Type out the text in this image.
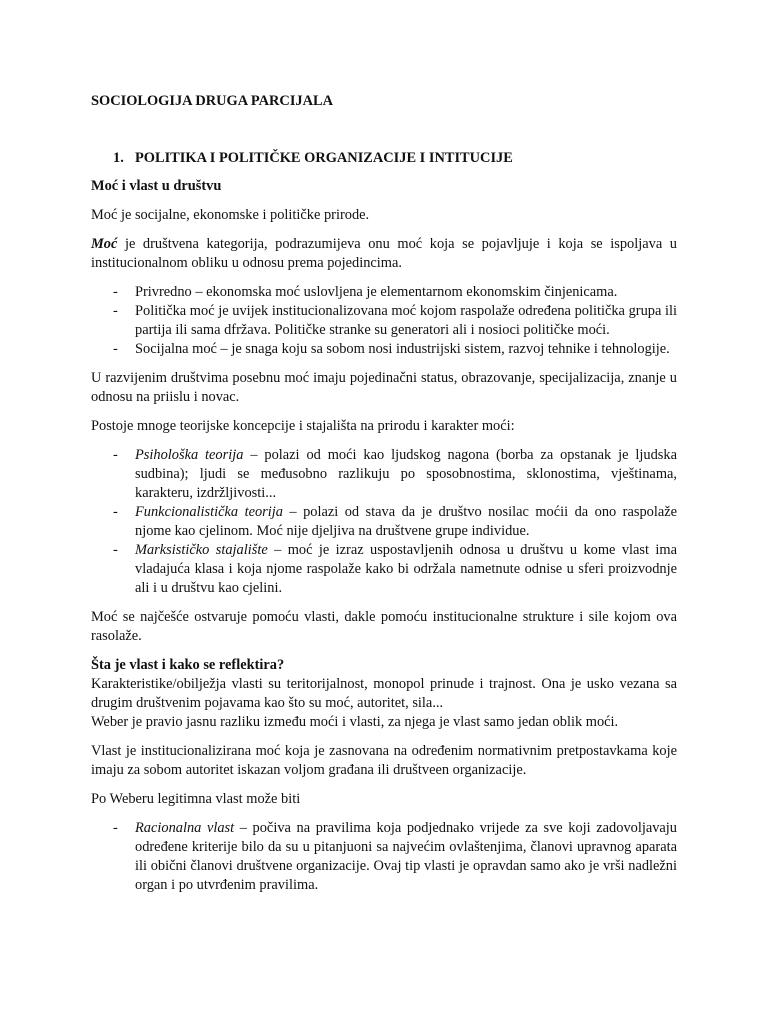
SOCIOLOGIJA DRUGA PARCIJALA

1. POLITIKA I POLITIČKE ORGANIZACIJE I INTITUCIJE

Moć i vlast u društvu

Moć je socijalne, ekonomske i političke prirode.

Moć je društvena kategorija, podrazumijeva onu moć koja se pojavljuje i koja se ispoljava u institucionalnom obliku u odnosu prema pojedincima.

- Privredno – ekonomska moć uslovljena je elementarnom ekonomskim činjenicama.
- Politička moć je uvijek institucionalizovana moć kojom raspolaže određena politička grupa ili partija ili sama dfržava. Političke stranke su generatori ali i nosioci političke moći.
- Socijalna moć – je snaga koju sa sobom nosi industrijski sistem, razvoj tehnike i tehnologije.

U razvijenim društvima posebnu moć imaju pojedinačni status, obrazovanje, specijalizacija, znanje u odnosu na priislu i novac.

Postoje mnoge teorijske koncepcije i stajališta na prirodu i karakter moći:

- Psihološka teorija – polazi od moći kao ljudskog nagona (borba za opstanak je ljudska sudbina); ljudi se međusobno razlikuju po sposobnostima, sklonostima, vještinama, karakteru, izdržljivosti...
- Funkcionalistička teorija – polazi od stava da je društvo nosilac moćii da ono raspolaže njome kao cjelinom. Moć nije djeljiva na društvene grupe individue.
- Marksističko stajalište – moć je izraz uspostavljenih odnosa u društvu u kome vlast ima vladajuća klasa i koja njome raspolaže kako bi održala nametnute odnise u sferi proizvodnje ali i u društvu kao cjelini.

Moć se najčešće ostvaruje pomoću vlasti, dakle pomoću institucionalne strukture i sile kojom ova rasolaže.

Šta je vlast i kako se reflektira?

Karakteristike/obilježja vlasti su teritorijalnost, monopol prinude i trajnost. Ona je usko vezana sa drugim društvenim pojavama kao što su moć, autoritet, sila...

Weber je pravio jasnu razliku između moći i vlasti, za njega je vlast samo jedan oblik moći.

Vlast je institucionalizirana moć koja je zasnovana na određenim normativnim pretpostavkama koje imaju za sobom autoritet iskazan voljom građana ili društveen organizacije.

Po Weberu legitimna vlast može biti

- Racionalna vlast – počiva na pravilima koja podjednako vrijede za sve koji zadovoljavaju određene kriterije bilo da su u pitanjuoni sa najvećim ovlaštenjima, članovi upravnog aparata ili obični članovi društvene organizacije. Ovaj tip vlasti je opravdan samo ako je vrši nadležni organ i po utvrđenim pravilima.
